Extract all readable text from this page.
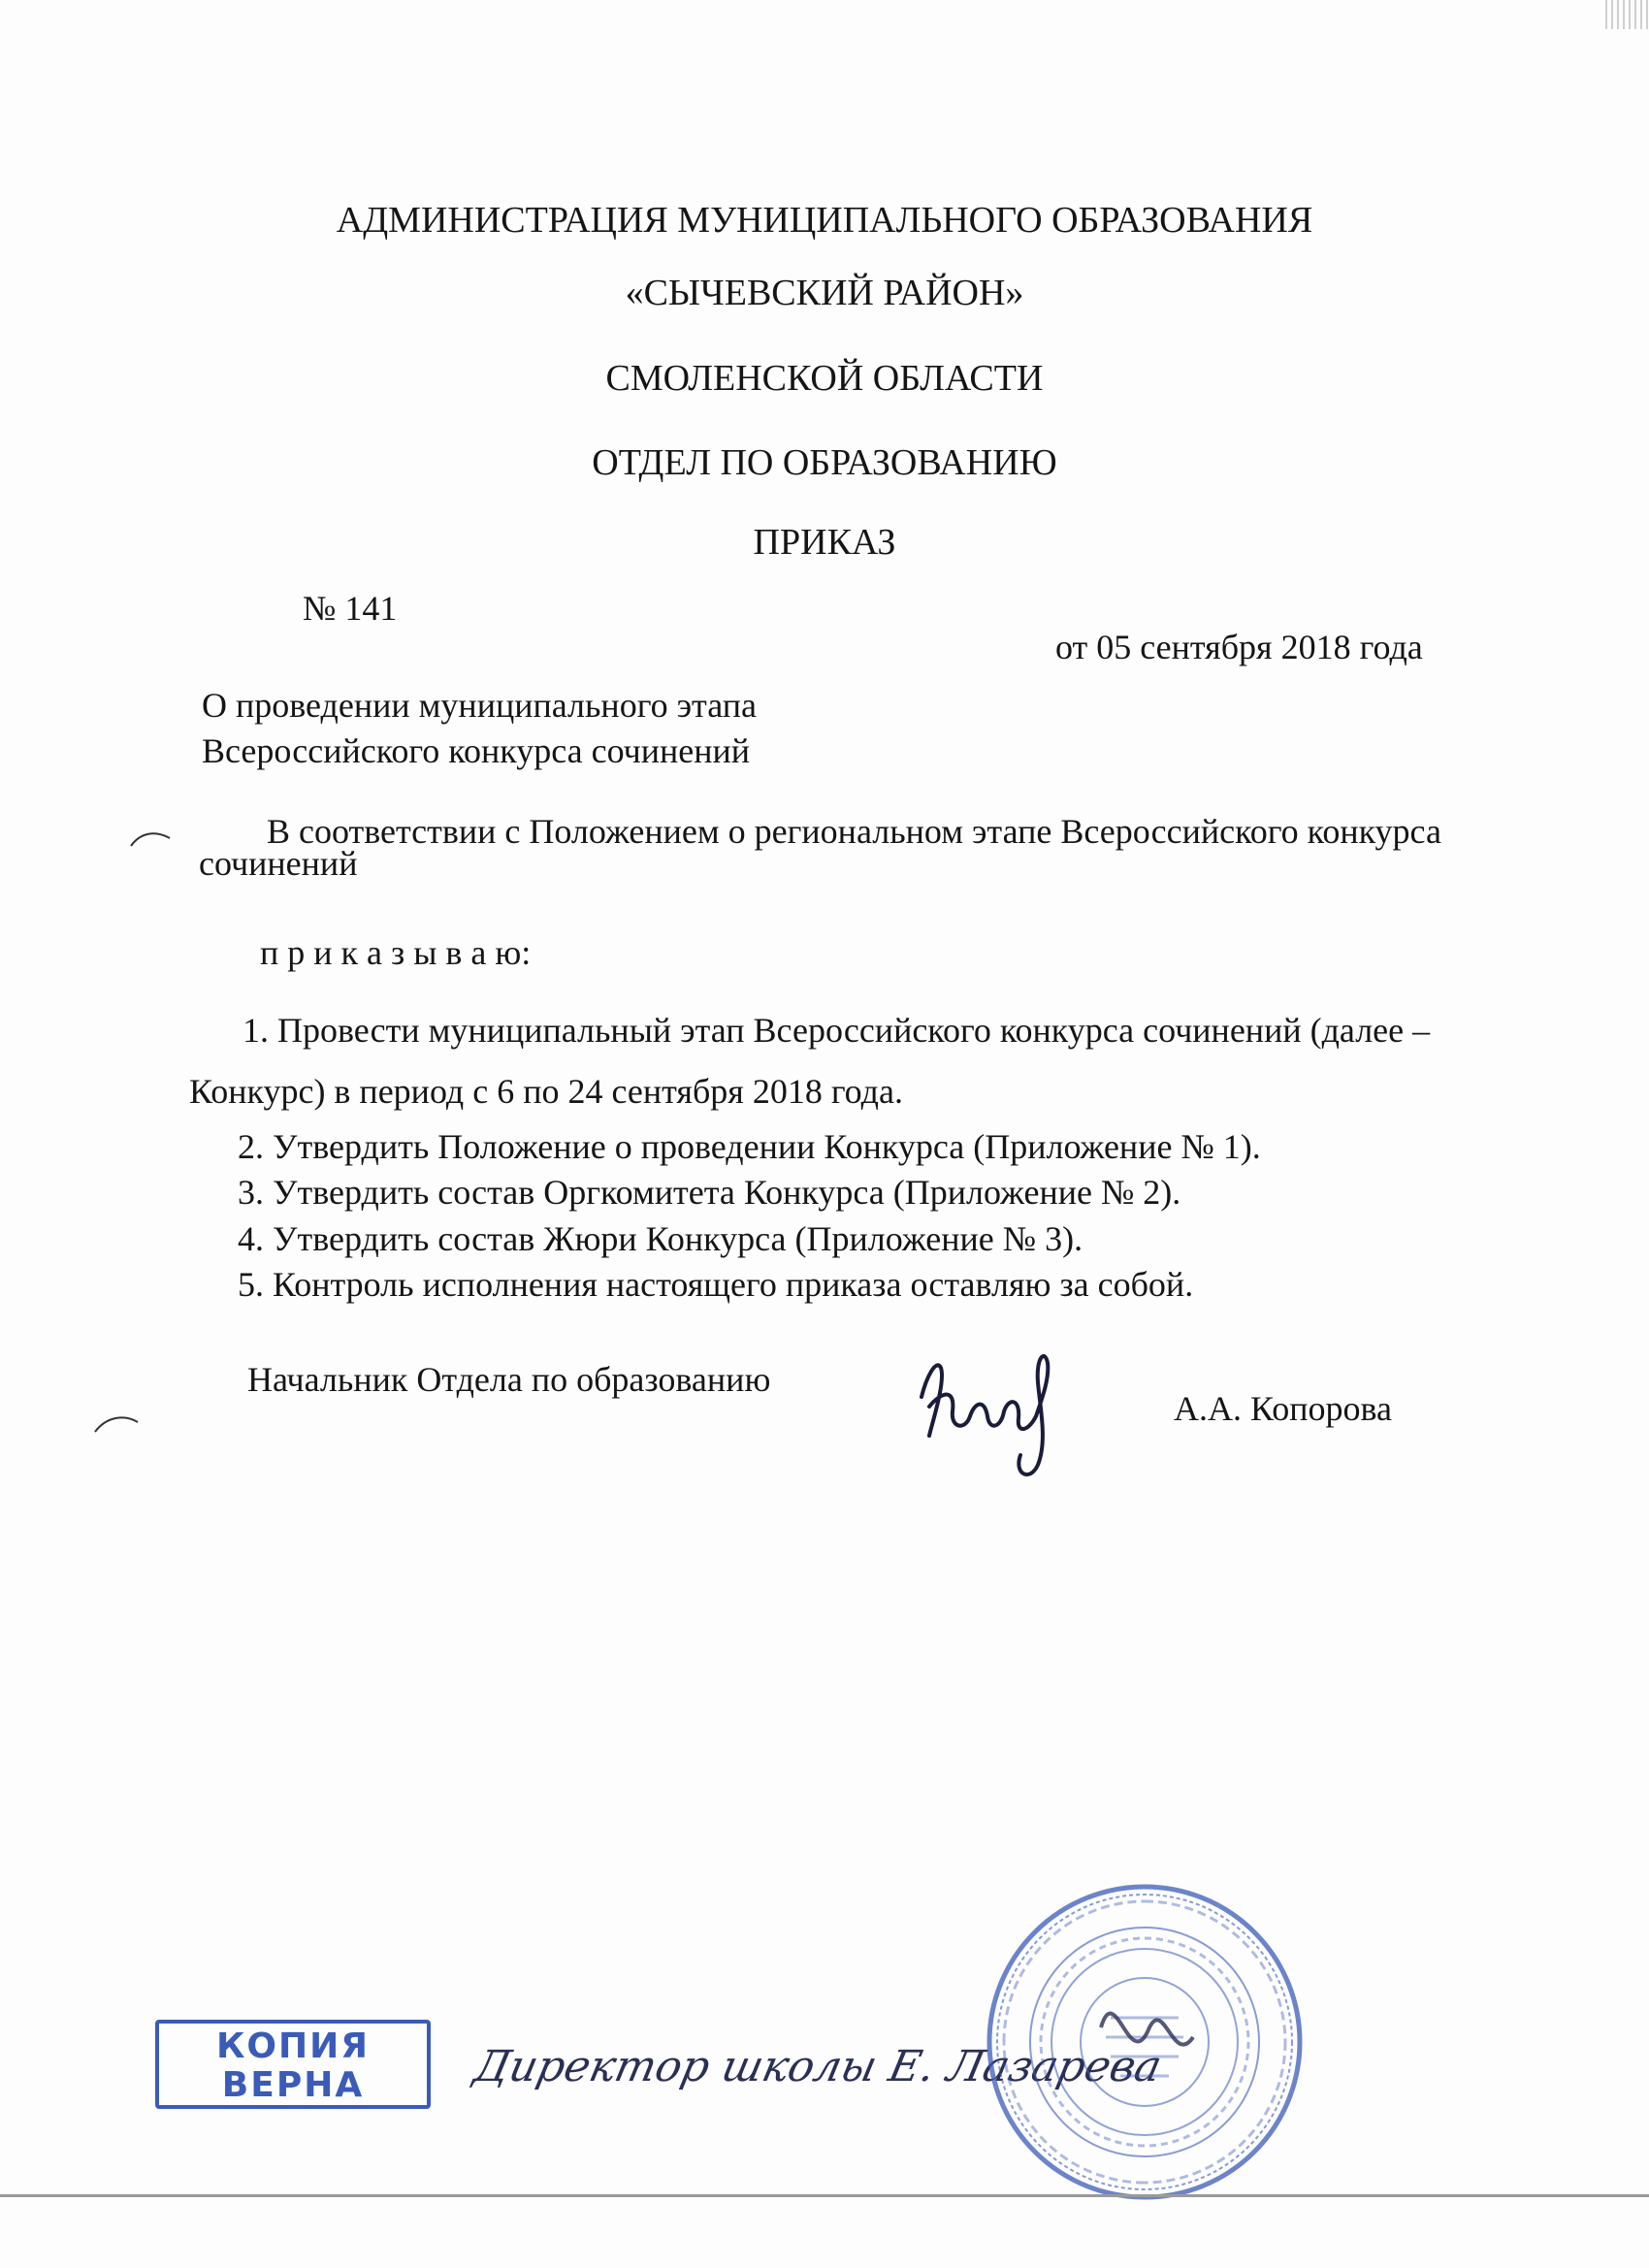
АДМИНИСТРАЦИЯ МУНИЦИПАЛЬНОГО ОБРАЗОВАНИЯ
«СЫЧЕВСКИЙ РАЙОН»
СМОЛЕНСКОЙ ОБЛАСТИ
ОТДЕЛ ПО ОБРАЗОВАНИЮ
ПРИКАЗ
№ 141
от 05 сентября 2018 года
О проведении муниципального этапа
Всероссийского конкурса сочинений
В соответствии с Положением о региональном этапе Всероссийского конкурса
сочинений
п р и к а з ы в а ю:
1. Провести муниципальный этап Всероссийского конкурса сочинений (далее –
Конкурс) в период с 6 по 24 сентября 2018 года.
2. Утвердить Положение о проведении Конкурса (Приложение № 1).
3. Утвердить состав Оргкомитета Конкурса (Приложение № 2).
4. Утвердить состав Жюри Конкурса (Приложение № 3).
5. Контроль исполнения настоящего приказа оставляю за собой.
Начальник Отдела по образованию
А.А. Копорова
КОПИЯ
ВЕРНА	Директор школы Е. Лазарева
